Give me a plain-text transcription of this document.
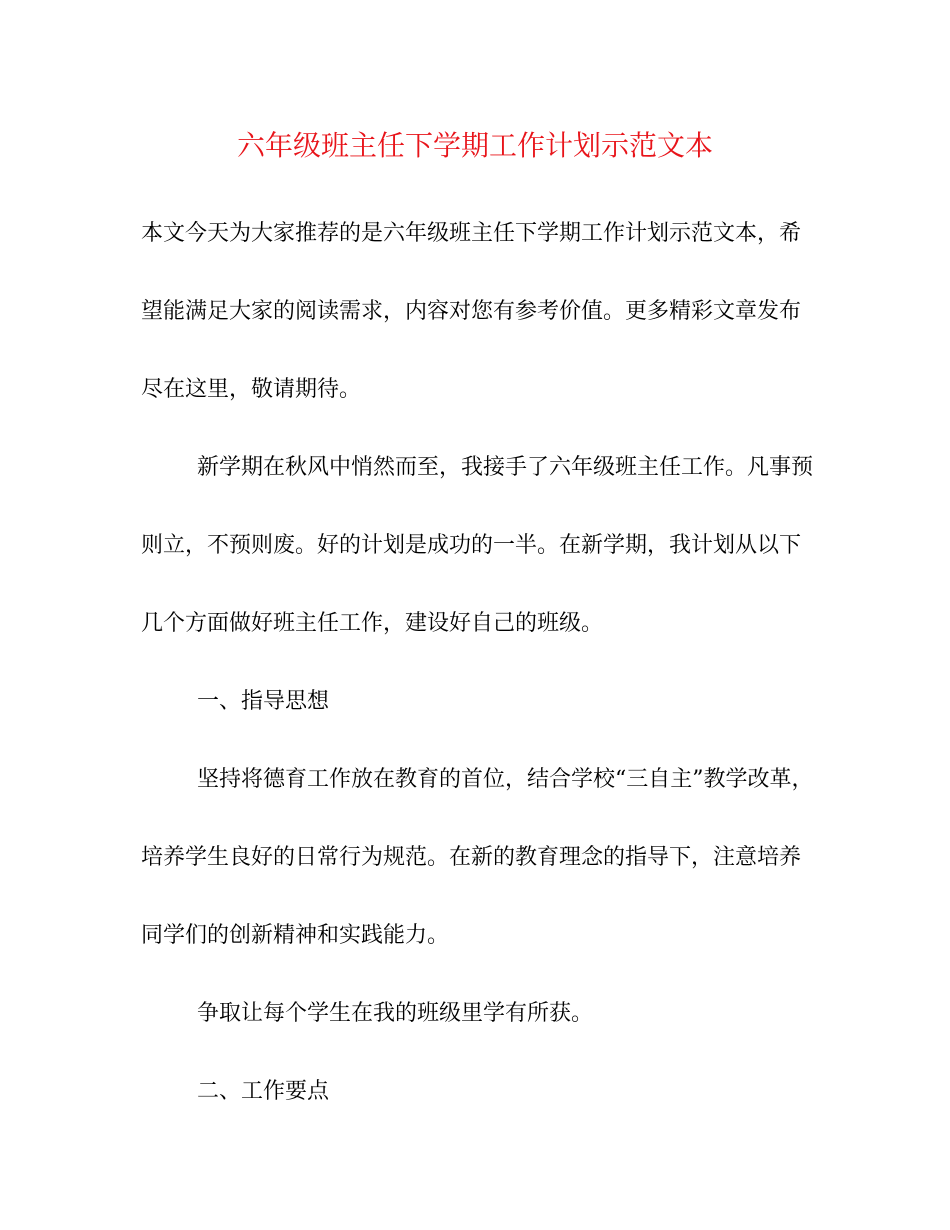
六年级班主任下学期工作计划示范文本
本文今天为大家推荐的是六年级班主任下学期工作计划示范文本，希
望能满足大家的阅读需求，内容对您有参考价值。更多精彩文章发布
尽在这里，敬请期待。
新学期在秋风中悄然而至，我接手了六年级班主任工作。凡事预
则立，不预则废。好的计划是成功的一半。在新学期，我计划从以下
几个方面做好班主任工作，建设好自己的班级。
一、指导思想
坚持将德育工作放在教育的首位，结合学校“三自主”教学改革，
培养学生良好的日常行为规范。在新的教育理念的指导下，注意培养
同学们的创新精神和实践能力。
争取让每个学生在我的班级里学有所获。
二、工作要点
